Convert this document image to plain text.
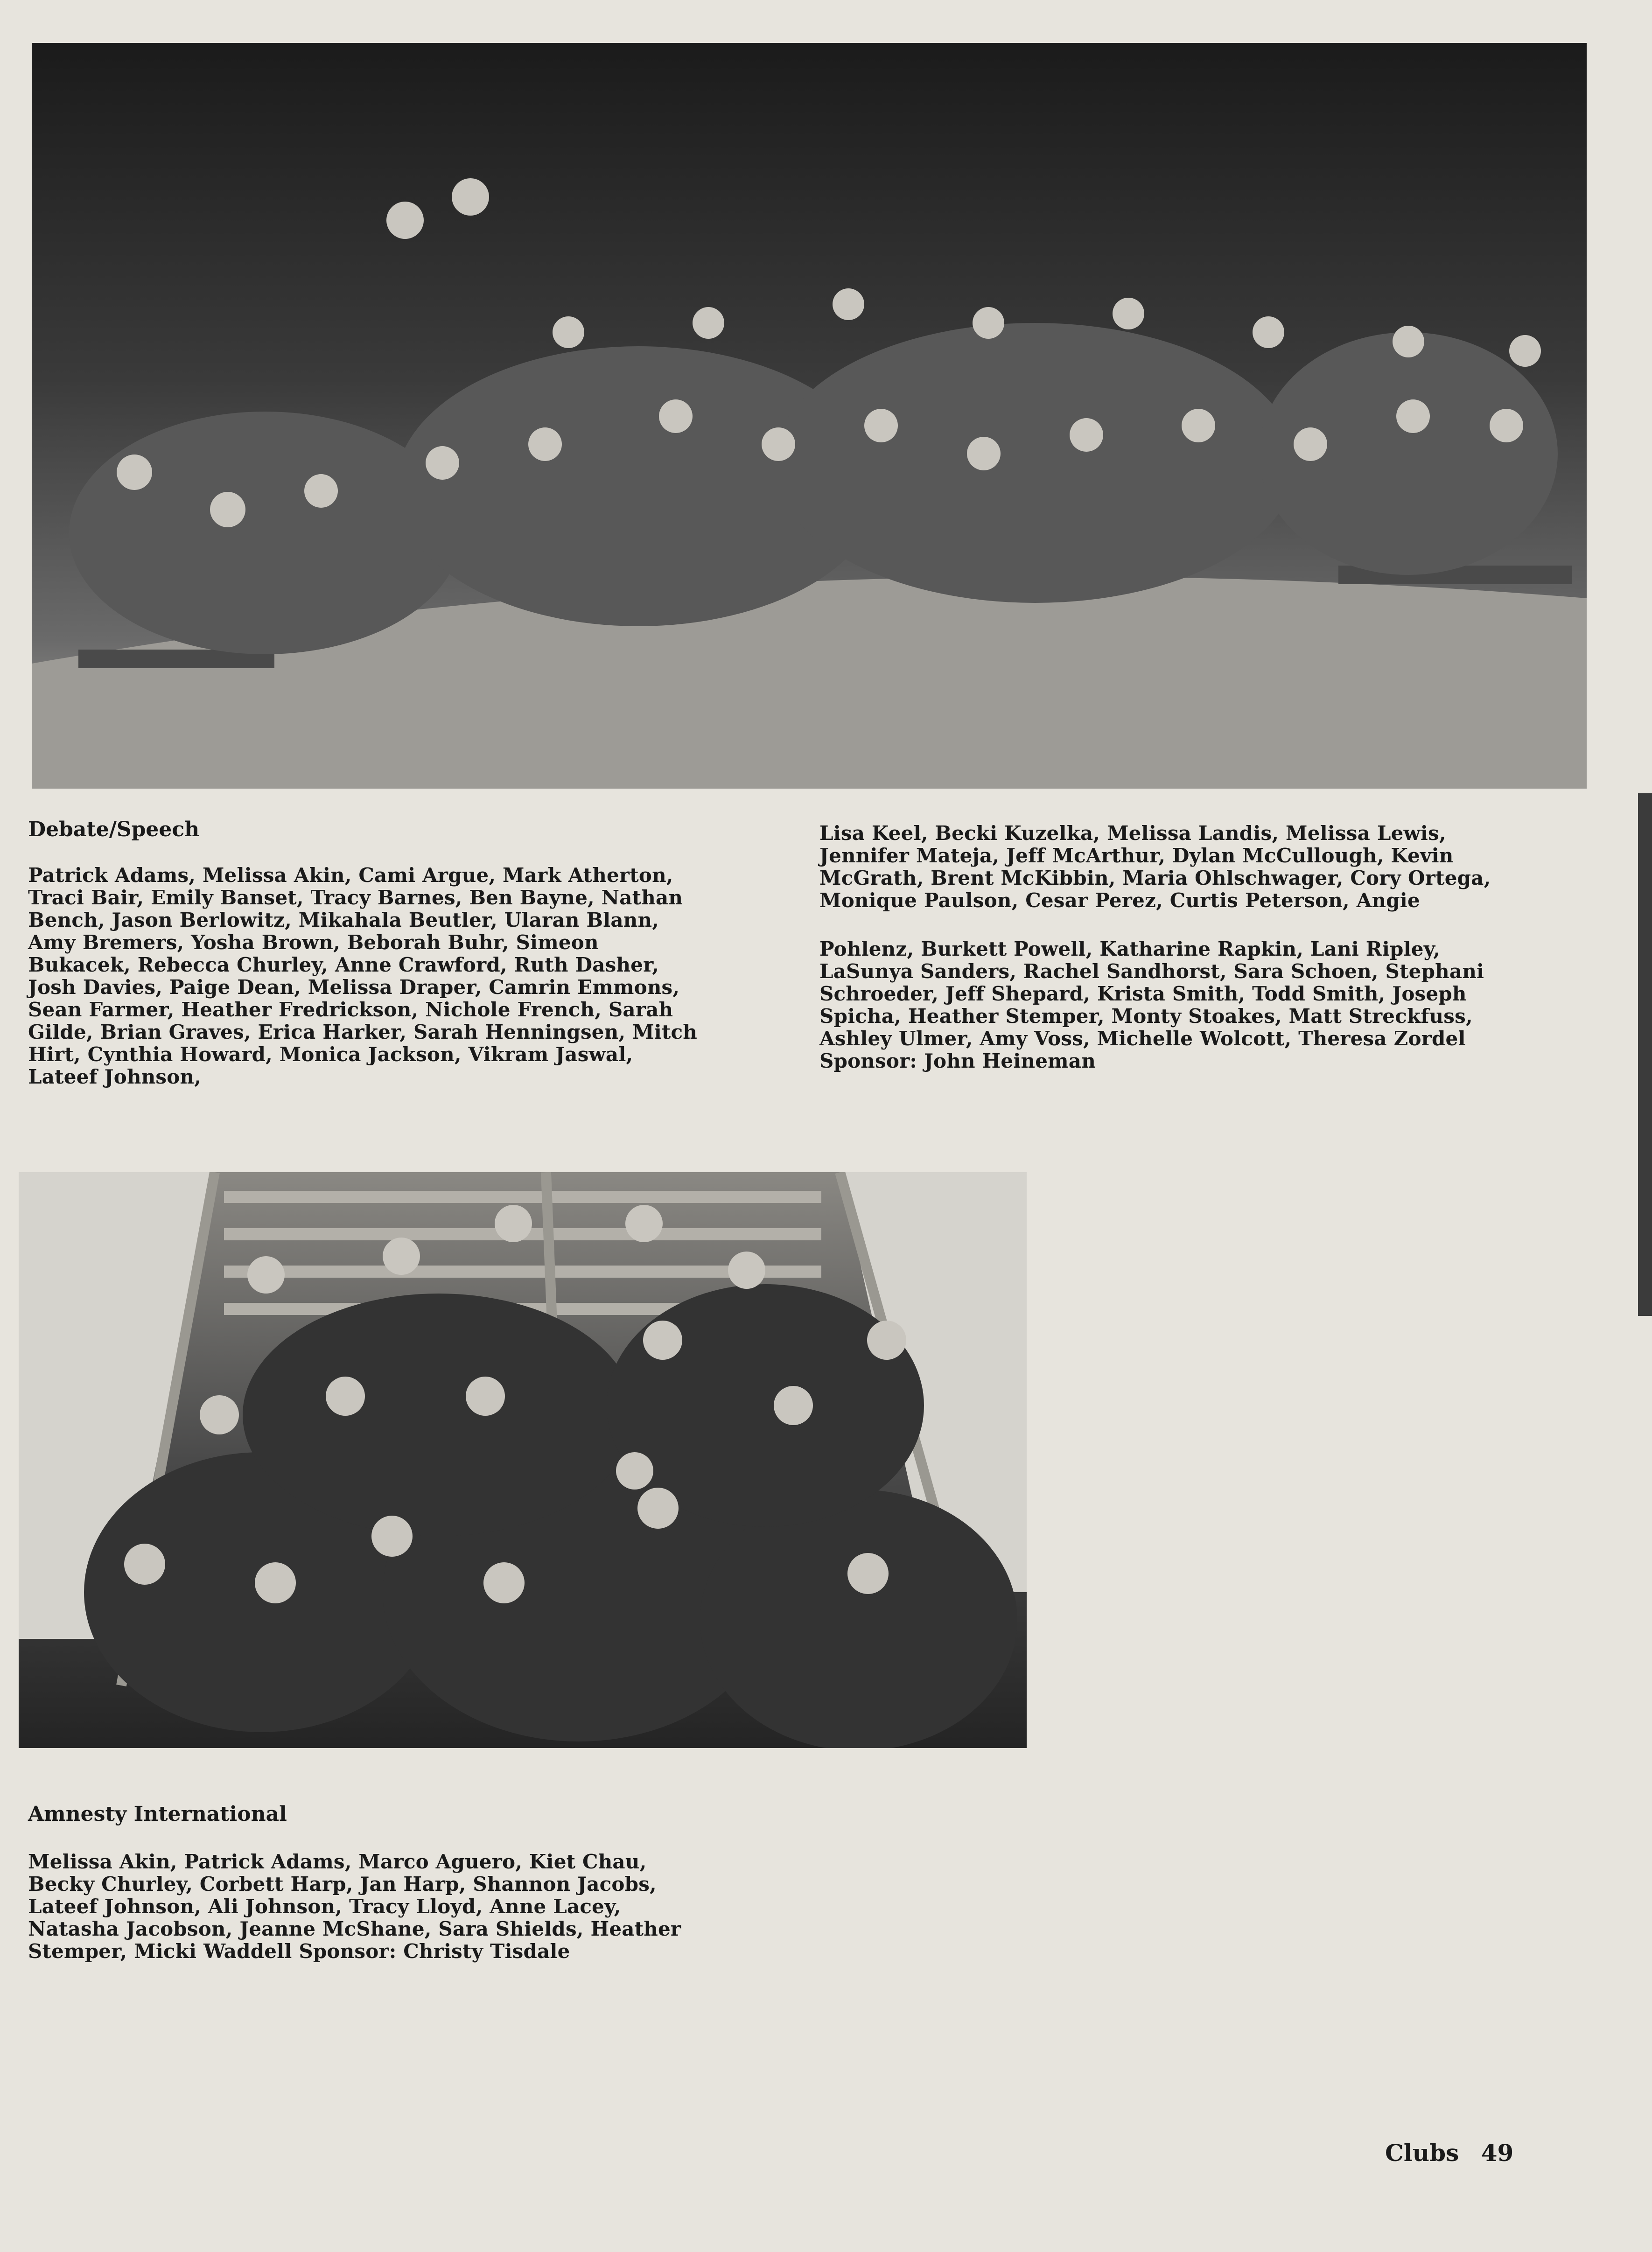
Debate/Speech

Patrick Adams, Melissa Akin, Cami Argue, Mark Atherton, Traci Bair, Emily Banset, Tracy Barnes, Ben Bayne, Nathan Bench, Jason Berlowitz, Mikahala Beutler, Ularan Blann, Amy Bremers, Yosha Brown, Beborah Buhr, Simeon Bukacek, Rebecca Churley, Anne Crawford, Ruth Dasher, Josh Davies, Paige Dean, Melissa Draper, Camrin Emmons, Sean Farmer, Heather Fredrickson, Nichole French, Sarah Gilde, Brian Graves, Erica Harker, Sarah Henningsen, Mitch Hirt, Cynthia Howard, Monica Jackson, Vikram Jaswal, Lateef Johnson,

Lisa Keel, Becki Kuzelka, Melissa Landis, Melissa Lewis, Jennifer Mateja, Jeff McArthur, Dylan McCullough, Kevin McGrath, Brent McKibbin, Maria Ohlschwager, Cory Ortega, Monique Paulson, Cesar Perez, Curtis Peterson, Angie

Pohlenz, Burkett Powell, Katharine Rapkin, Lani Ripley, LaSunya Sanders, Rachel Sandhorst, Sara Schoen, Stephani Schroeder, Jeff Shepard, Krista Smith, Todd Smith, Joseph Spicha, Heather Stemper, Monty Stoakes, Matt Streckfuss, Ashley Ulmer, Amy Voss, Michelle Wolcott, Theresa Zordel Sponsor: John Heineman

Amnesty International

Melissa Akin, Patrick Adams, Marco Aguero, Kiet Chau, Becky Churley, Corbett Harp, Jan Harp, Shannon Jacobs, Lateef Johnson, Ali Johnson, Tracy Lloyd, Anne Lacey, Natasha Jacobson, Jeanne McShane, Sara Shields, Heather Stemper, Micki Waddell Sponsor: Christy Tisdale

Clubs 49
